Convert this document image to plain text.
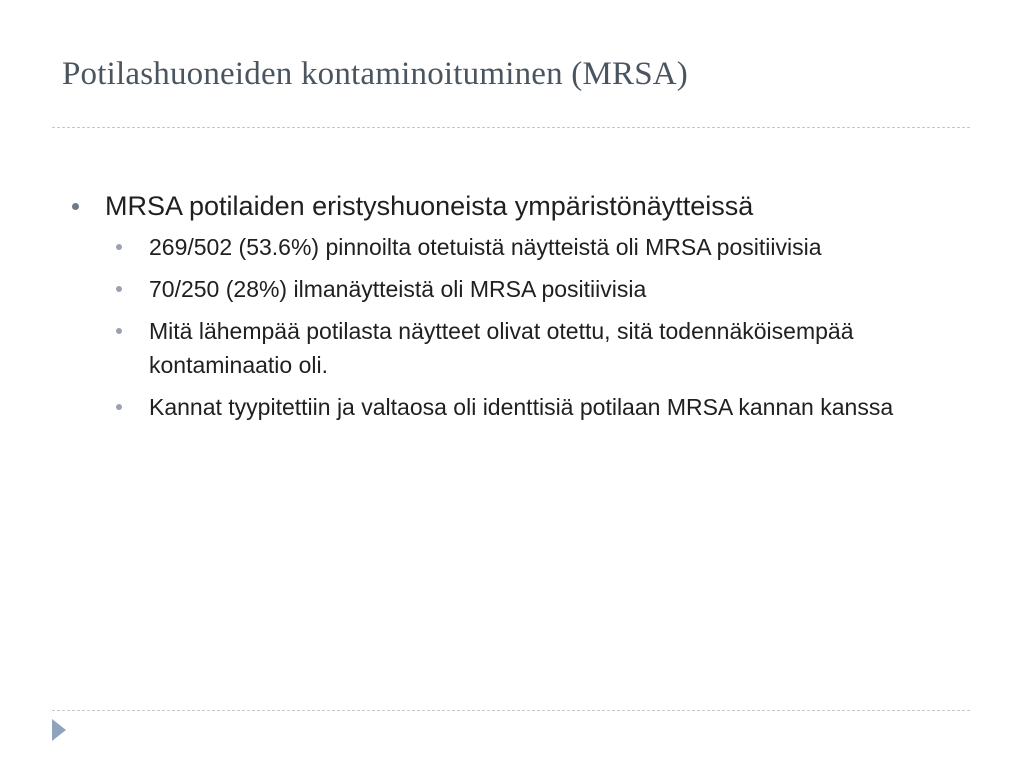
Potilashuoneiden kontaminoituminen (MRSA)
MRSA potilaiden eristyshuoneista ympäristönäytteissä
269/502 (53.6%) pinnoilta otetuistä näytteistä oli MRSA positiivisia
70/250 (28%) ilmanäytteistä oli MRSA positiivisia
Mitä lähempää potilasta näytteet olivat otettu, sitä todennäköisempää kontaminaatio oli.
Kannat tyypitettiin ja valtaosa oli identtisiä potilaan MRSA kannan kanssa
